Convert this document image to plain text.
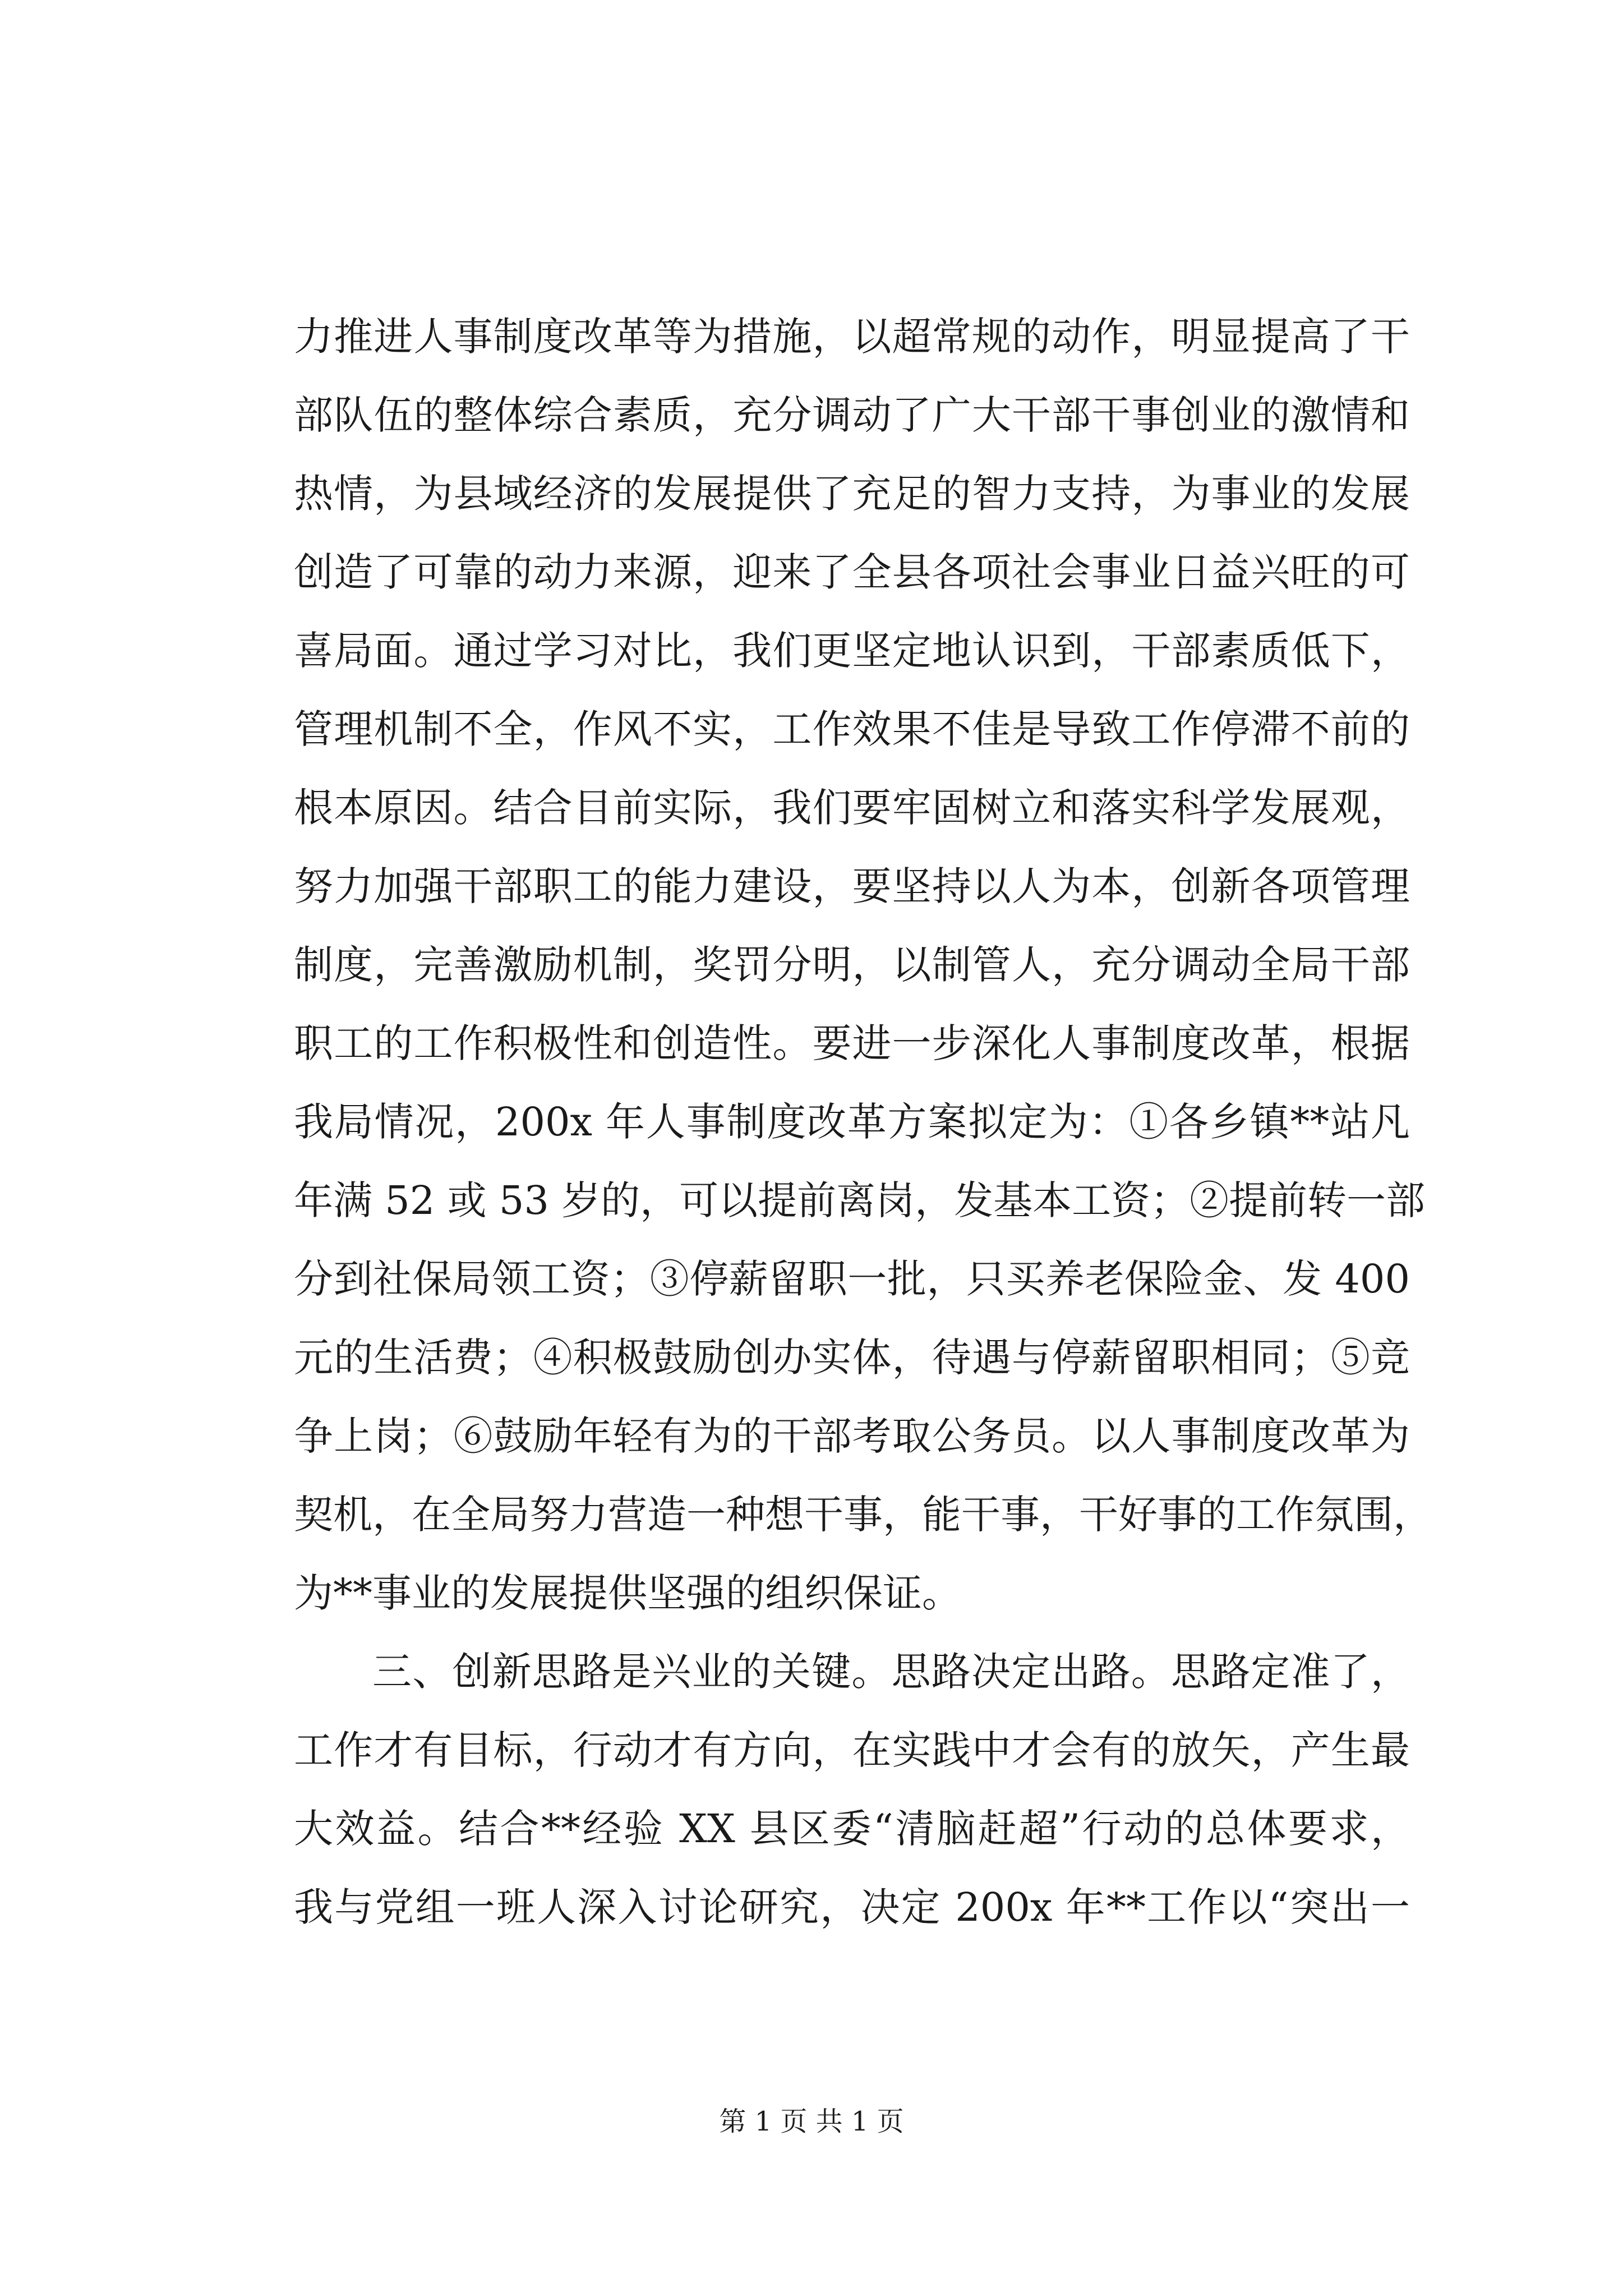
力推进人事制度改革等为措施，以超常规的动作，明显提高了干
部队伍的整体综合素质，充分调动了广大干部干事创业的激情和
热情，为县域经济的发展提供了充足的智力支持，为事业的发展
创造了可靠的动力来源，迎来了全县各项社会事业日益兴旺的可
喜局面。通过学习对比，我们更坚定地认识到，干部素质低下，
管理机制不全，作风不实，工作效果不佳是导致工作停滞不前的
根本原因。结合目前实际，我们要牢固树立和落实科学发展观，
努力加强干部职工的能力建设，要坚持以人为本，创新各项管理
制度，完善激励机制，奖罚分明，以制管人，充分调动全局干部
职工的工作积极性和创造性。要进一步深化人事制度改革，根据
我局情况，200x 年人事制度改革方案拟定为：①各乡镇**站凡
年满 52 或 53 岁的，可以提前离岗，发基本工资；②提前转一部
分到社保局领工资；③停薪留职一批，只买养老保险金、发 400
元的生活费；④积极鼓励创办实体，待遇与停薪留职相同；⑤竞
争上岗；⑥鼓励年轻有为的干部考取公务员。以人事制度改革为
契机，在全局努力营造一种想干事，能干事，干好事的工作氛围，
为**事业的发展提供坚强的组织保证。
三、创新思路是兴业的关键。思路决定出路。思路定准了，
工作才有目标，行动才有方向，在实践中才会有的放矢，产生最
大效益。结合**经验 XX 县区委“清脑赶超”行动的总体要求，
我与党组一班人深入讨论研究，决定 200x 年**工作以“突出一
第 1 页 共 1 页
